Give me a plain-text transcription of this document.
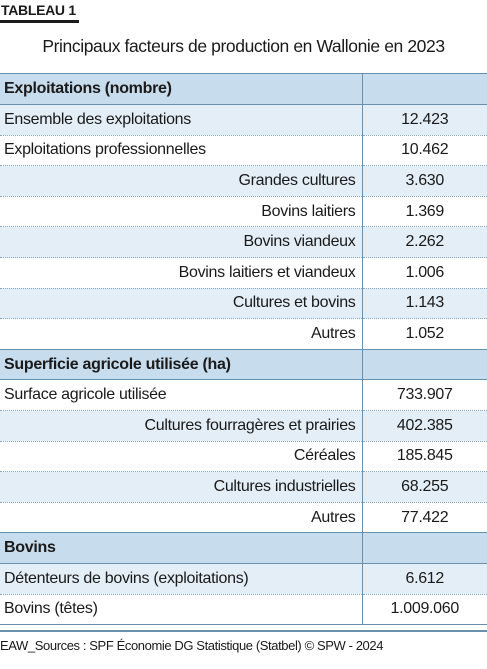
TABLEAU 1
Principaux facteurs de production en Wallonie en 2023
Exploitations (nombre)	
Ensemble des exploitations	12.423
Exploitations professionnelles	10.462
Grandes cultures	3.630
Bovins laitiers	1.369
Bovins viandeux	2.262
Bovins laitiers et viandeux	1.006
Cultures et bovins	1.143
Autres	1.052
Superficie agricole utilisée (ha)	
Surface agricole utilisée	733.907
Cultures fourragères et prairies	402.385
Céréales	185.845
Cultures industrielles	68.255
Autres	77.422
Bovins	
Détenteurs de bovins (exploitations)	6.612
Bovins (têtes)	1.009.060
EAW_Sources : SPF Économie DG Statistique (Statbel) © SPW - 2024
